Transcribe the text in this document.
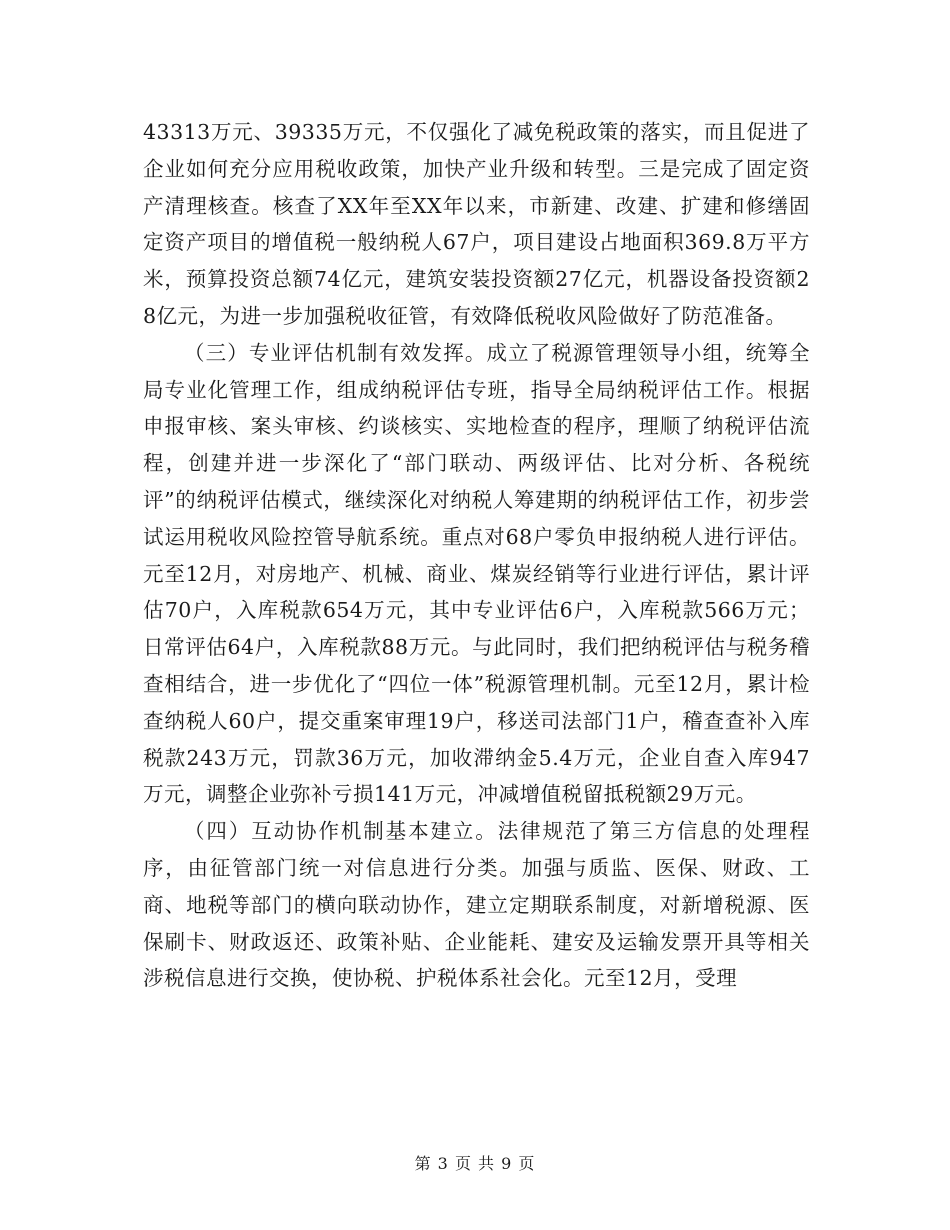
43313万元、39335万元，不仅强化了减免税政策的落实，而且促进了企业如何充分应用税收政策，加快产业升级和转型。三是完成了固定资产清理核查。核查了XX年至XX年以来，市新建、改建、扩建和修缮固定资产项目的增值税一般纳税人67户，项目建设占地面积369.8万平方米，预算投资总额74亿元，建筑安装投资额27亿元，机器设备投资额28亿元，为进一步加强税收征管，有效降低税收风险做好了防范准备。

（三）专业评估机制有效发挥。成立了税源管理领导小组，统筹全局专业化管理工作，组成纳税评估专班，指导全局纳税评估工作。根据申报审核、案头审核、约谈核实、实地检查的程序，理顺了纳税评估流程，创建并进一步深化了“部门联动、两级评估、比对分析、各税统评”的纳税评估模式，继续深化对纳税人筹建期的纳税评估工作，初步尝试运用税收风险控管导航系统。重点对68户零负申报纳税人进行评估。元至12月，对房地产、机械、商业、煤炭经销等行业进行评估，累计评估70户，入库税款654万元，其中专业评估6户，入库税款566万元；日常评估64户，入库税款88万元。与此同时，我们把纳税评估与税务稽查相结合，进一步优化了“四位一体”税源管理机制。元至12月，累计检查纳税人60户，提交重案审理19户，移送司法部门1户，稽查查补入库税款243万元，罚款36万元，加收滞纳金5.4万元，企业自查入库947万元，调整企业弥补亏损141万元，冲减增值税留抵税额29万元。

（四）互动协作机制基本建立。法律规范了第三方信息的处理程序，由征管部门统一对信息进行分类。加强与质监、医保、财政、工商、地税等部门的横向联动协作，建立定期联系制度，对新增税源、医保刷卡、财政返还、政策补贴、企业能耗、建安及运输发票开具等相关涉税信息进行交换，使协税、护税体系社会化。元至12月，受理

第 3 页 共 9 页
